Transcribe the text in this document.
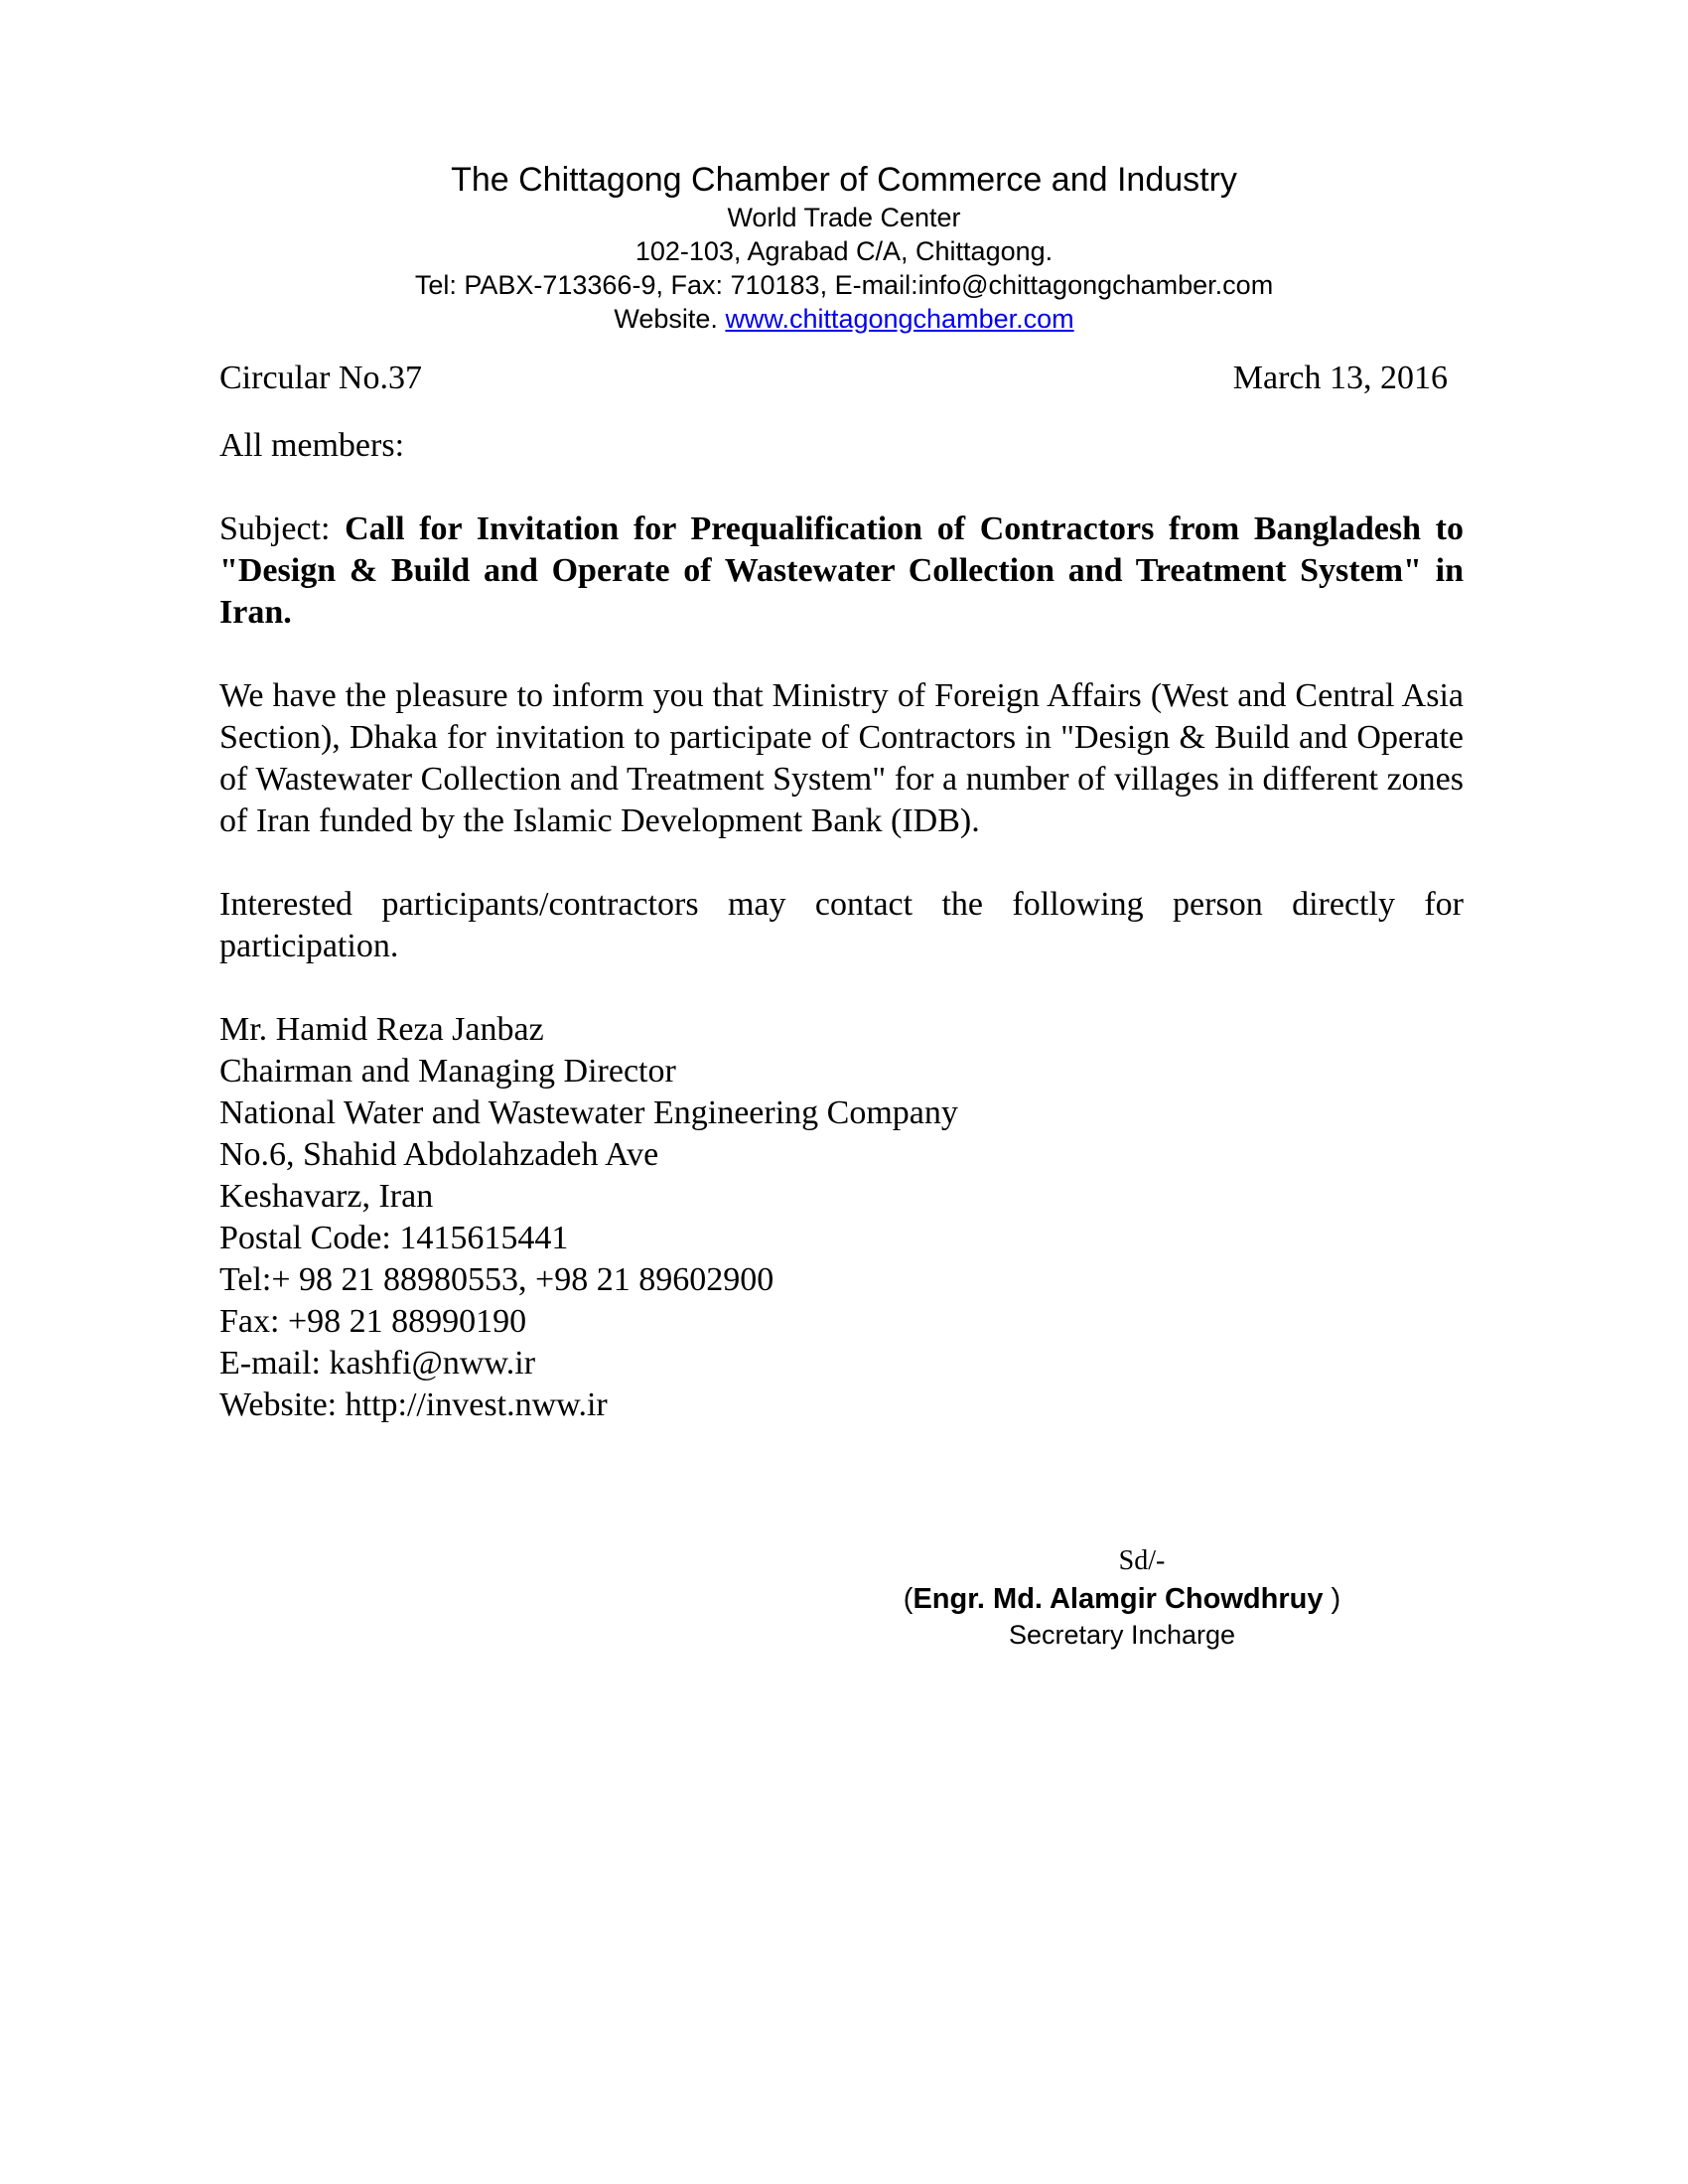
The Chittagong Chamber of Commerce and Industry
World Trade Center
102-103, Agrabad C/A, Chittagong.
Tel: PABX-713366-9, Fax: 710183, E-mail:info@chittagongchamber.com
Website. www.chittagongchamber.com
Circular No.37	March 13, 2016
All members:
Subject: Call for Invitation for Prequalification of Contractors from Bangladesh to "Design & Build and Operate of Wastewater Collection and Treatment System" in Iran.
We have the pleasure to inform you that Ministry of Foreign Affairs (West and Central Asia Section), Dhaka for invitation to participate of Contractors in "Design & Build and Operate of Wastewater Collection and Treatment System" for a number of villages in different zones of Iran funded by the Islamic Development Bank (IDB).
Interested participants/contractors may contact the following person directly for participation.
Mr. Hamid Reza Janbaz
Chairman and Managing Director
National Water and Wastewater Engineering Company
No.6, Shahid Abdolahzadeh Ave
Keshavarz, Iran
Postal Code: 1415615441
Tel:+ 98 21 88980553, +98 21 89602900
Fax: +98 21 88990190
E-mail: kashfi@nww.ir
Website: http://invest.nww.ir
Sd/-
(Engr. Md. Alamgir Chowdhruy )
Secretary Incharge
